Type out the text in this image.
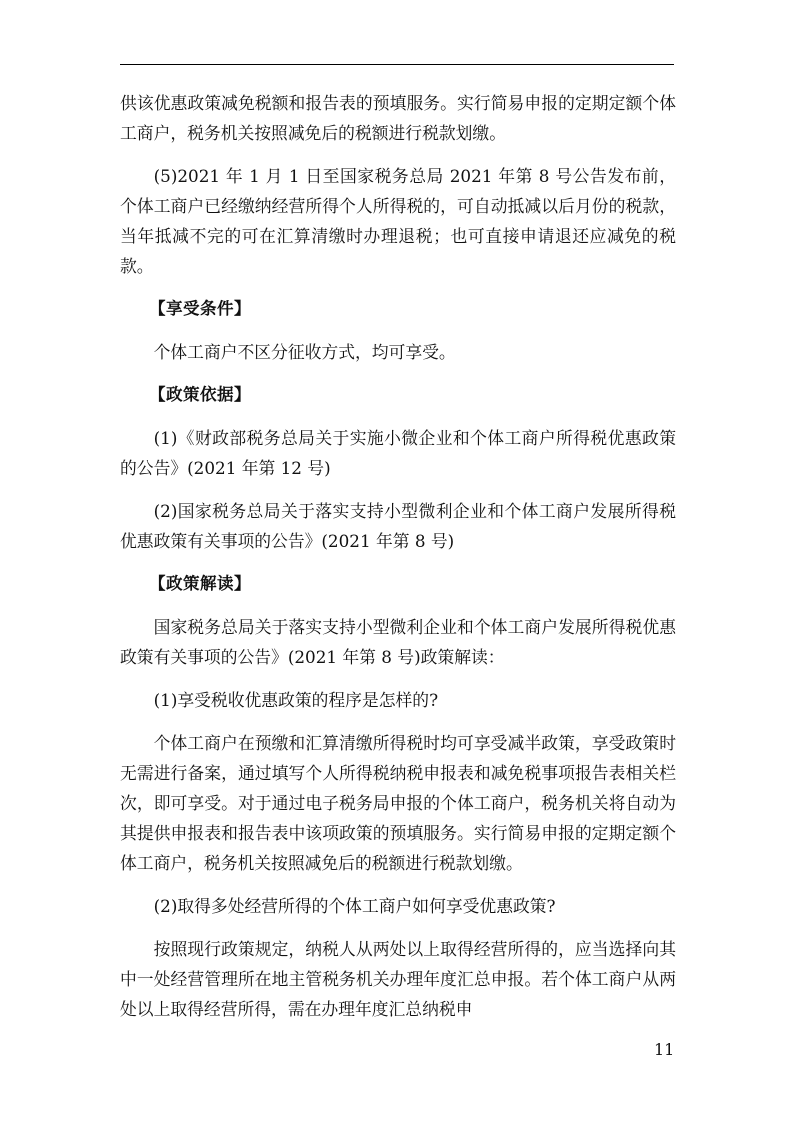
供该优惠政策减免税额和报告表的预填服务。实行简易申报的定期定额个体工商户，税务机关按照减免后的税额进行税款划缴。

(5)2021 年 1 月 1 日至国家税务总局 2021 年第 8 号公告发布前，个体工商户已经缴纳经营所得个人所得税的，可自动抵减以后月份的税款，当年抵减不完的可在汇算清缴时办理退税；也可直接申请退还应减免的税款。

【享受条件】

个体工商户不区分征收方式，均可享受。

【政策依据】

(1)《财政部税务总局关于实施小微企业和个体工商户所得税优惠政策的公告》(2021 年第 12 号)

(2)国家税务总局关于落实支持小型微利企业和个体工商户发展所得税优惠政策有关事项的公告》(2021 年第 8 号)

【政策解读】

国家税务总局关于落实支持小型微利企业和个体工商户发展所得税优惠政策有关事项的公告》(2021 年第 8 号)政策解读：

(1)享受税收优惠政策的程序是怎样的?

个体工商户在预缴和汇算清缴所得税时均可享受减半政策，享受政策时无需进行备案，通过填写个人所得税纳税申报表和减免税事项报告表相关栏次，即可享受。对于通过电子税务局申报的个体工商户，税务机关将自动为其提供申报表和报告表中该项政策的预填服务。实行简易申报的定期定额个体工商户，税务机关按照减免后的税额进行税款划缴。

(2)取得多处经营所得的个体工商户如何享受优惠政策?

按照现行政策规定，纳税人从两处以上取得经营所得的，应当选择向其中一处经营管理所在地主管税务机关办理年度汇总申报。若个体工商户从两处以上取得经营所得，需在办理年度汇总纳税申

11
